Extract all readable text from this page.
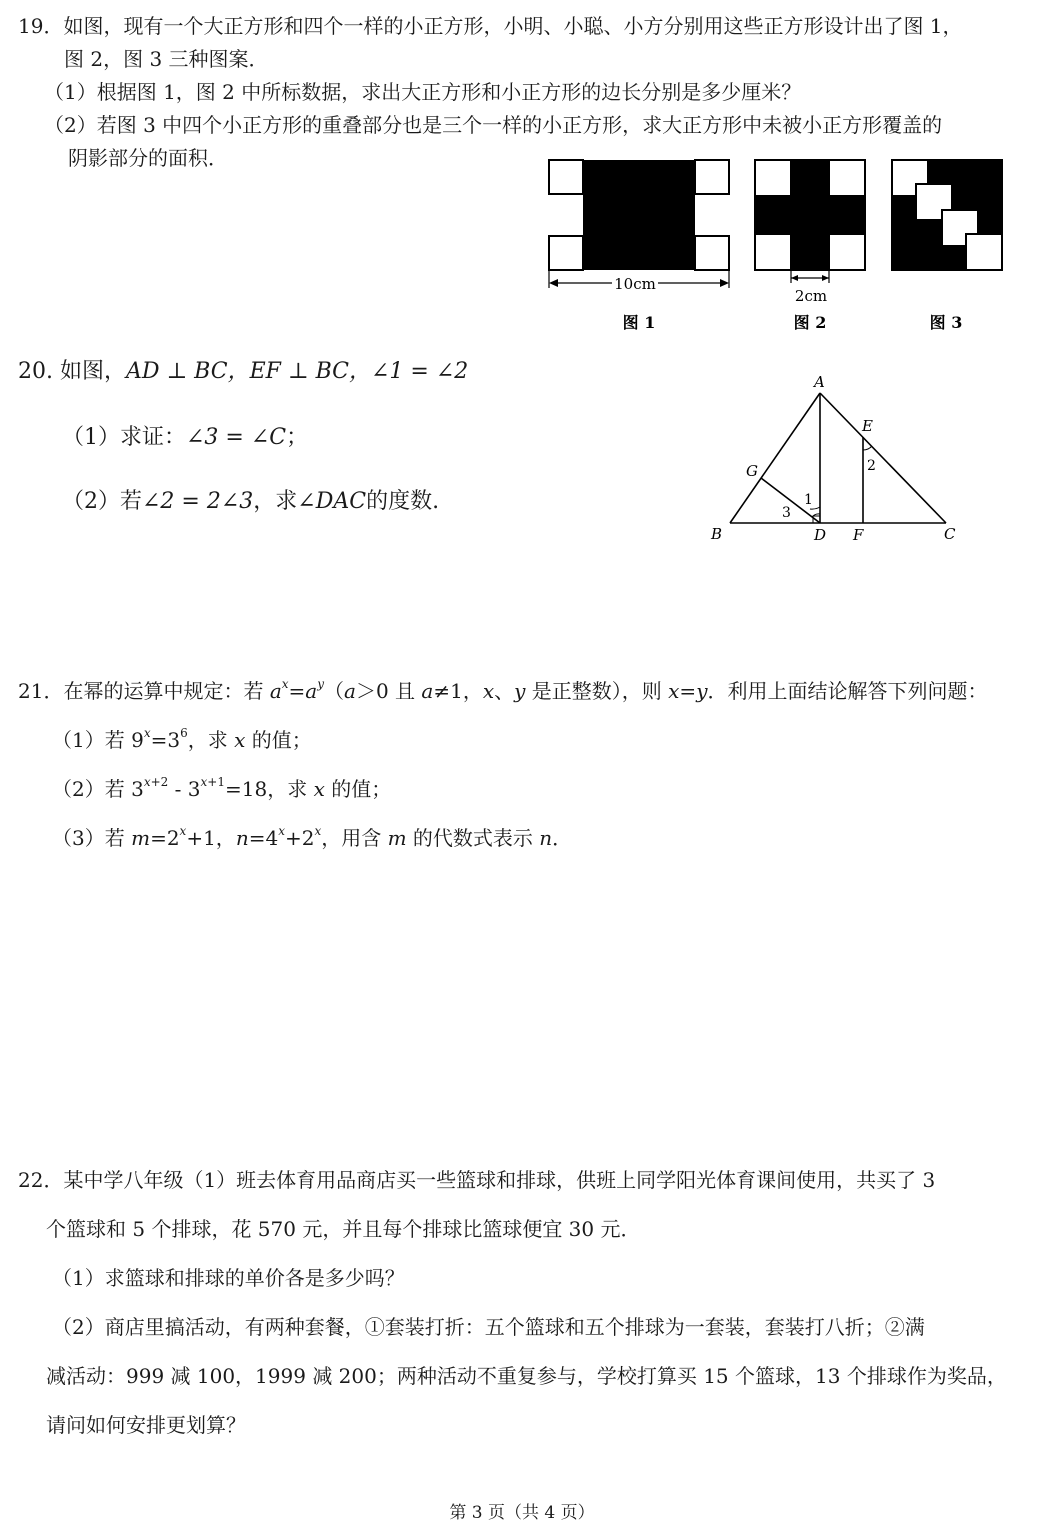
19．如图，现有一个大正方形和四个一样的小正方形，小明、小聪、小方分别用这些正方形设计出了图 1，
图 2，图 3 三种图案．
（1）根据图 1，图 2 中所标数据，求出大正方形和小正方形的边长分别是多少厘米？
（2）若图 3 中四个小正方形的重叠部分也是三个一样的小正方形，求大正方形中未被小正方形覆盖的
阴影部分的面积．
10cm
图 1
2cm
图 2	图 3
20. 如图，AD ⊥ BC，EF ⊥ BC，∠1 = ∠2
（1）求证：∠3 = ∠C；
（2）若∠2 = 2∠3，求∠DAC的度数.
A
E
G
B	D F	C
1
2
3
21．在幂的运算中规定：若 $a^x=a^y(a>0$ 且 a≠1，x、y 是正整数），则 x=y．利用上面结论解答下列问题：
（1）若 $9^x=3^6$，求 x 的值；
（2）若 $3^{x+2} - 3^{x+1}=18$，求 x 的值；
（3）若 $m=2^x+1$，$n=4^x+2^x$，用含 m 的代数式表示 n．
22．某中学八年级（1）班去体育用品商店买一些篮球和排球，供班上同学阳光体育课间使用，共买了 3
个篮球和 5 个排球，花 570 元，并且每个排球比篮球便宜 30 元．
（1）求篮球和排球的单价各是多少吗？
（2）商店里搞活动，有两种套餐，①套装打折：五个篮球和五个排球为一套装，套装打八折；②满
减活动：999 减 100，1999 减 200；两种活动不重复参与，学校打算买 15 个篮球，13 个排球作为奖品，
请问如何安排更划算？
第 3 页（共 4 页）
